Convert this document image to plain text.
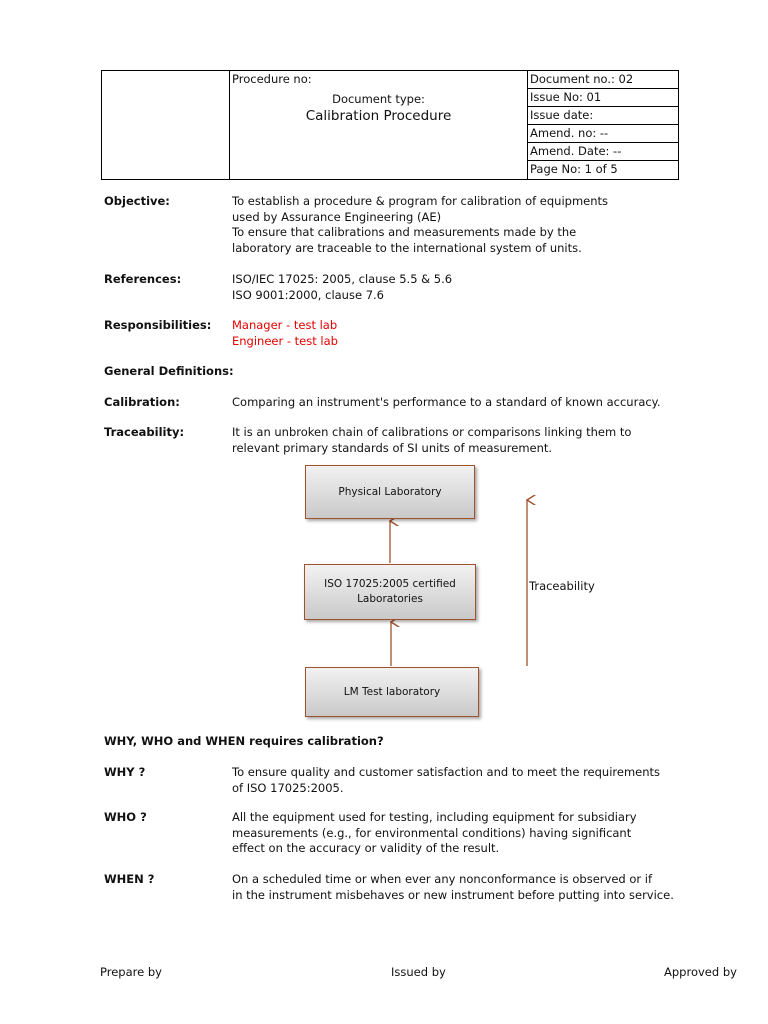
Procedure no:
Document type:
Calibration Procedure
Document no.: 02
Issue No: 01
Issue date:
Amend. no: --
Amend. Date: --
Page No: 1 of 5
Objective:	To establish a procedure & program for calibration of equipments
used by Assurance Engineering (AE)
To ensure that calibrations and measurements made by the
laboratory are traceable to the international system of units.
References:	ISO/IEC 17025: 2005, clause 5.5 & 5.6
ISO 9001:2000, clause 7.6
Responsibilities: Manager - test lab
Engineer - test lab
General Definitions:
Calibration:	Comparing an instrument's performance to a standard of known accuracy.
Traceability:	It is an unbroken chain of calibrations or comparisons linking them to
relevant primary standards of SI units of measurement.
Physical Laboratory
ISO 17025:2005 certified
Laboratories
LM Test laboratory
Traceability
WHY, WHO and WHEN requires calibration?
WHY ?	To ensure quality and customer satisfaction and to meet the requirements
of ISO 17025:2005.
WHO ?	All the equipment used for testing, including equipment for subsidiary
measurements (e.g., for environmental conditions) having significant
effect on the accuracy or validity of the result.
WHEN ?	On a scheduled time or when ever any nonconformance is observed or if
in the instrument misbehaves or new instrument before putting into service.
Prepare by	Issued by	Approved by
